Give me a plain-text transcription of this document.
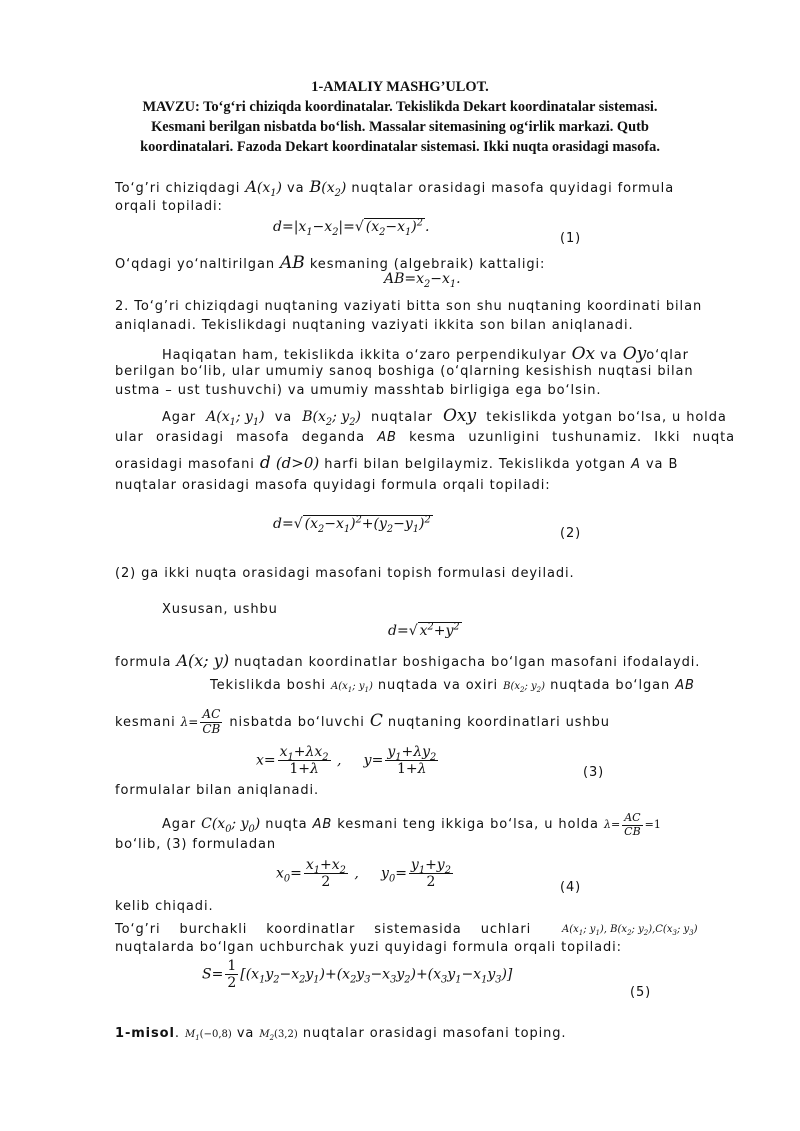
1-AMALIY MASHG’ULOT.
MAVZU: To‘g‘ri chiziqda koordinatalar. Tekislikda Dekart koordinatalar sistemasi.
Kesmani berilgan nisbatda bo‘lish. Massalar sitemasining og‘irlik markazi. Qutb
koordinatalari. Fazoda Dekart koordinatalar sistemasi. Ikki nuqta orasidagi masofa.
To‘g’ri chiziqdagi $A(x_1)$ va $B(x_2)$ nuqtalar orasidagi masofa quyidagi formula
orqali topiladi:
$d=|x_1-x_2|=√$ $(x_2-x_1)^2$ .
(1)
O‘qdagi yo‘naltirilgan AB kesmaning (algebraik) kattaligi:
$AB=x_2-x_1$.
2. To‘g’ri chiziqdagi nuqtaning vaziyati bitta son shu nuqtaning koordinati bilan
aniqlanadi. Tekislikdagi nuqtaning vaziyati ikkita son bilan aniqlanadi.
Haqiqatan ham, tekislikda ikkita o‘zaro perpendikulyar Ox va Oyo‘qlar
berilgan bo‘lib, ular umumiy sanoq boshiga (o‘qlarning kesishish nuqtasi bilan
ustma – ust tushuvchi) va umumiy masshtab birligiga ega bo‘lsin.
Agar $A(x_1$; $y_1$) va $B(x_2$; $y_2$) nuqtalar Oxy tekislikda yotgan bo‘lsa, u holda
ular orasidagi masofa deganda AB kesma uzunligini tushunamiz. Ikki nuqta
orasidagi masofani d (d>0) harfi bilan belgilaymiz. Tekislikda yotgan A va B
nuqtalar orasidagi masofa quyidagi formula orqali topiladi:
d=√ $(x_2-x_1)^2+(y_2-y_1)^2$
(2)
(2) ga ikki nuqta orasidagi masofani topish formulasi deyiladi.
Xususan, ushbu
d=√ $x^2+y^2$
formula A(x; y) nuqtadan koordinatlar boshigacha bo‘lgan masofani ifodalaydi.
Tekislikda boshi $A(x_1$; $y_1$) nuqtada va oxiri $B(x_2$; $y_2$) nuqtada bo‘lgan AB
kesmani $\lambda= \frac{AC}{CB}$ nisbatda bo‘luvchi C nuqtaning koordinatlari ushbu
$x= \frac{x_1+\lambda x_2}{1+\lambda}$ ,     $y= \frac{y_1+\lambda y_2}{1+\lambda}$	(3)
formulalar bilan aniqlanadi.
Agar $C(x_0$; $y_0$) nuqta AB kesmani teng ikkiga bo‘lsa, u holda $\lambda= \frac{AC}{CB} =1$
bo‘lib, (3) formuladan
$x_0= \frac{x_1+x_2}{2}$ ,     $y_0= \frac{y_1+y_2}{2}$	(4)
kelib chiqadi.
To‘g’ri burchakli koordinatlar sistemasida uchlari	$A(x_1$; $y_1$), $B(x_2$; $y_2),C(x_3$; $y_3$)
nuqtalarda bo‘lgan uchburchak yuzi quyidagi formula orqali topiladi:
$S= \frac{1}{2} [(x_1y_2-x_2y_1)+(x_2y_3-x_3y_2)+(x_3y_1-x_1y_3)]$
(5)
1-misol. $M_1(-0,8)$ va $M_2(3,2)$ nuqtalar orasidagi masofani toping.
